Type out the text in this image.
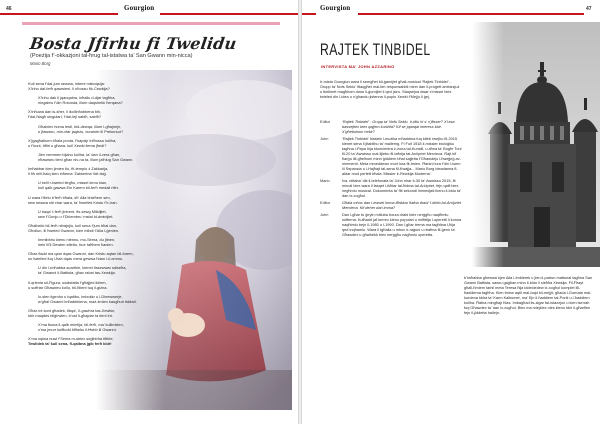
46	Gourgion
Bosta Jfirhu fi Twelidu
(Poeżija f’-okkażjoni tal-ħrug tal-istatwa ta’ San Gwann min-nicca)
Mario Borg
Kull sena f’dal-jum sewwa, intemi mistoqsija:
X’inhu dal-ferħ qawwieni, li nħossu fiċ-Ċewkija?
X’inhu dak li jqanqalna, inħallu d-djar tagħha,
ningabru f’din Rotunda, illum daqshekk ħerqana?
X’inħuwa dan is-sħer, li ikollinħobbena bih,
f’dal-ħlagħ singulari, f’dal-lejl sabiħ, sabiħ?
Għalxiex huma lesti, bid-dewqa, illum l-għajnejn,
u jfawwru, min-xfar jaqbżu, ċuraneb lil Prekursur?
X’jgagħalhom bħala ponta, f’kapsijr intħossu kollha,
u f’kunt, tiftiri u għana, kull Xewki liema jħedi?
Jien nemmen bijahu kollha, ta’ dan il-vera għan,
nħawweu tieni għax niv-na ta, illum jafhlug San Gwann.
Imħabbar kien jimien fiu, fit-templu ż Żakkarija,
li fih mill-ħalq kien inħema ‘Żakkerina’ tkit-tsiġ.
U kelli r-tweled tiegħu, missel kenu klan,
kull qalb gawwa Ein Karem bil-ferħ medall rifer.
U wara t’fletu b’ferħ bħala, sħ’ Alla tinieħem sen,
sew sewwa siti xhar wara, ta’ ħwelied Kristu f’Ir-han.
U baqa’ t-ferħ jintrent, fis-sewg Milidijiet,
sew f’Gunju u f’Diċembru ‘mstal id-dminijiet.
Għalhekk bil-ferħ nitrajnjlu, kull sena f’jum bħal dan,
Għollun, lil ħweled Gwanni, kien mibdi f’Alla l-ġenien.
Immibbhu kienu niennu, mo-Sema, du jtinen,
heki lil’il Dewien sflettu, fuor taħħem ħanien.
Għax fiadd ma qam dqas Gwanni, dan Kristu aqtan bil-forem,
nu twielled fuq l-ħab dqas mera gewwa ħdan l-il-ommu.
U din l-imħabba suarthie, kienet tissewwar sdiseħa,
ta’ Gwanni il-Battista, għax rabal tas-Xewkija.
Il-qrienla sil-Figura, sodisfatta f’għajjed ikliem,
u suffriar Għawdeu kollu, bil-ħlient tuq il-giżna.
Ix-sien iigenhu u tqatibu, imbokkr u l-Dinewwerje,
w’għal Gwanni imħabbhiena, maż-żmien kaugħuri tiddwil.
Għax int kont għadek, tibqa’, il-gawhra tas-Xewkin,
kbir maqdes bilġirwien, b’ost il-għajdar ta tieni int.
X’ma tkuna il-qalb mimlija, bil-ferħ, ma’ kullimkien,
x’ma jmurr kuffiudd tilfheku il-Ħobb lil Gwanni.
X’ma nqiwa nuwi f’Sema m-sbiex soġibbha tiftirie;
Tewlidek ta’ kull sena, fl-qalbna jgib ferħ kbir!
Gourgion	47
RAJTEK TINBIDEL
INTERVISTA MA’ JOHN AZZARINO
Ir-mista Gourgion wara li semgħet bil-ġamijiet għall-musical ‘Rajtek Tinbidel’ - Grupp ta’ Nofs Seklu’ ittaqgħet mal-tim responsabbli minn dan il-proġett ambizzjuż u tkellmet magħhom dwar il-ġurnijiet li qed jsiru. Staqsejna dwar x’missel biex twieled din l-idea u x’għandu jistenna il-poplu Xewki f’Mejju li ġej.
Editur	‘Rajtek Tinbidel’ - Grupp ta’ Nofs Seklu. Ir-titlu hi s’ x’jfisser? X’uwa bassejtiex biex qajjem kuriżità? Kif se jqanqal interess kbir. X’għeltuhom hekk?
John	‘Rajtek Tinbidel’ hissieb l-mużika mħaddma fuq ktieb rwejhu fil-2015 kienet sena li jitabilhu ta’ mallemg. Fi Fuit 1918 il-missier bioloġiku tagħna l-Papa hija kkunċentra ż-żona tal-Kunsill, u aħna ta’ Bogħr Toni fil-20 ta’ Awwissu mal-iljiebu fil-taħrija tal-Arċipriet Mercieca. Rajt kif ħarġu lill-għelhom minn ġiddiem bħal sajjetta f’Għawdeju l-ħwejjeġ av-nimmenti. Meta mmeddewn mort lura fit-tmien. Ħarsni lura f’din l-isem lil Sepanzia u l-Hajħajt tal-sena fil-Kwajja... Mario Borg ideadanna fl-aktar mod perfett bħala ‘Missier ir-Rewkija Moderna’.
Mario	Iva, nittaba’ dik il-telefonata ta’ John nhar it-30 ta’ Awwissu 2015, fit minuti biex wara li fasqet l-ikħtar tal-ħidma tal-Arċipriet, fejn qalli biex negħmlu musical. Dokumenta ta’ flit sekondi immedjati ikenu il-bidu ta’ dan ix-xogħol.
Editur	Għala mhux dan l-ewwel imma iffakkar ħafna drabi ’l-ktieb tal-Arċipriet Mercieca. Kif deher dan imma?
John	Dan l-għar tu ġeyin mitluba borza drabi biex nerġgħu naqtħmlu sofferna. Kulħadd jaf kemm kienu popolari u milfittija l-operetti li konna naqħtmlu bejn il-1980 u l-1990. Dan l-għar trema ma tagħtina l-ħija qed inqħamlu. Wara li tgħalla u mhux ir-raġuni u rbaħna fil-ġenn ta’ Għawdex u għalhekk biex nerġgħu nagħmlu operetta.
b’imħabba għewwa kjen Alla l-Imbierek u jien il-patrun mattunal tagħna San Gwann Battista, sawru gagħan minn il-bidu li sieħħa Xewkija. Fil-Ħrayt għall-ħmiem tamil meta Teresa ħija iddeċiedew ix-xogħol komplet lill-ħaddiema tagħha. Kien tmew aqtli mal-bajd bil-mejjit, għada l-Ġurnata mal-kurdena kbira ta’ Karm Kalkumet, ma’ Ejn il-ħaddiem tal-Ponti u l-ħaddiem kollha. Ħafna mingħajr ħlas. Imbagħad lis-siġar tal-istazzjon u kien iserrah fuq Għawdex ta’ dan ix-xogħol. Biex ma mlejżiex nies kienu kbir il-għarfien fejn il-jiddetta hallejn.
